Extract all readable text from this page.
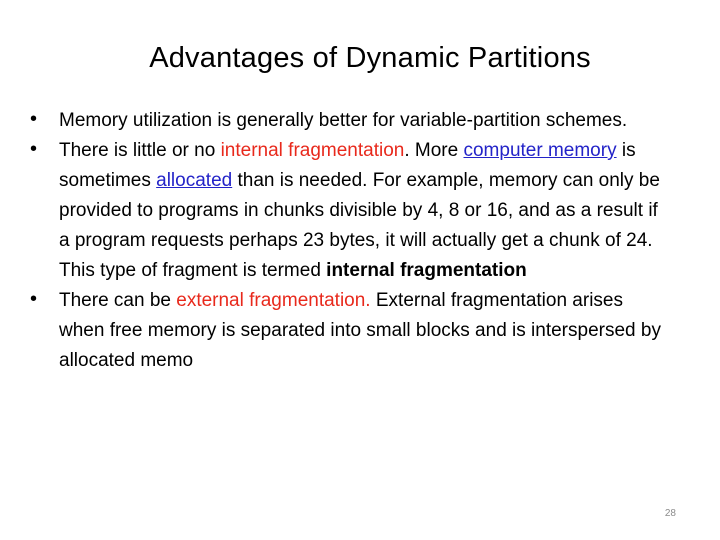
Advantages of Dynamic Partitions
• Memory utilization is generally better for variable-partition schemes.
• There is little or no internal fragmentation. More computer memory is sometimes allocated than is needed. For example, memory can only be provided to programs in chunks divisible by 4, 8 or 16, and as a result if a program requests perhaps 23 bytes, it will actually get a chunk of 24. This type of fragment is termed internal fragmentation
• There can be external fragmentation. External fragmentation arises when free memory is separated into small blocks and is interspersed by allocated memo
28
